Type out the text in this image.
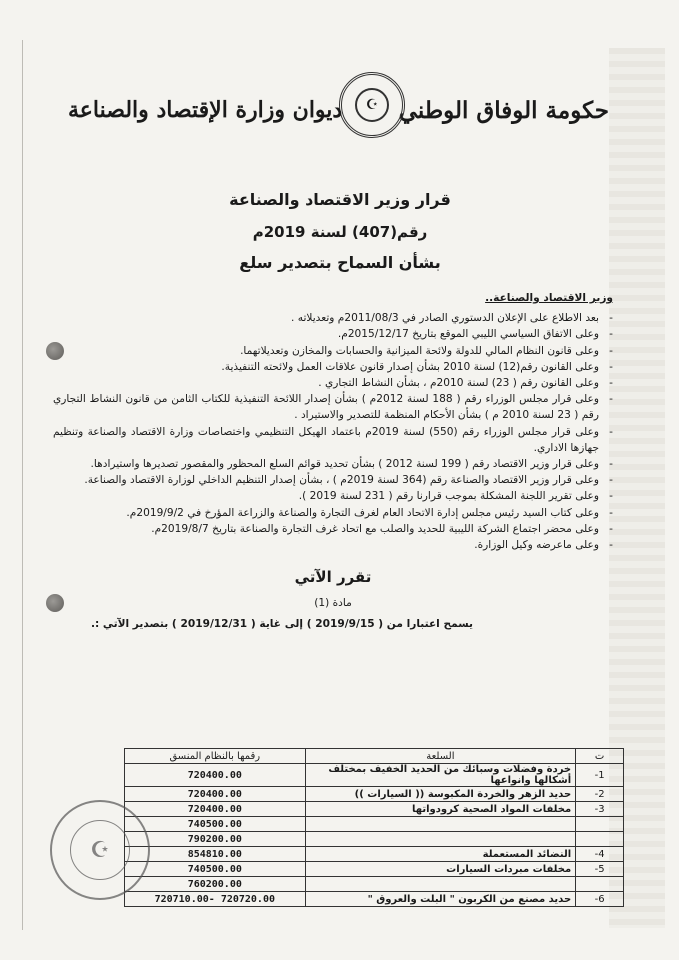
حكومة الوفاق الوطني
☪
ديوان وزارة الإقتصاد والصناعة
قرار وزير الاقتصاد والصناعة
رقم(407) لسنة 2019م
بشأن السماح بتصدير سلع
وزير الاقتصاد والصناعة..
- بعد الاطلاع على الإعلان الدستوري الصادر في 2011/08/3م وتعديلاته .
- وعلى الاتفاق السياسي الليبي الموقع بتاريخ 2015/12/17م.
- وعلى قانون النظام المالي للدولة ولائحة الميزانية والحسابات والمخازن وتعديلاتهما.
- وعلى القانون رقم(12) لسنة 2010 بشأن إصدار قانون علاقات العمل ولائحته التنفيذية.
- وعلى القانون رقم ( 23) لسنة 2010م ، بشأن النشاط التجاري .
- وعلى قرار مجلس الوزراء رقم ( 188 لسنة 2012م ) بشأن إصدار اللائحة التنفيذية للكتاب الثامن من قانون النشاط التجاري رقم ( 23 لسنة 2010 م ) بشأن الأحكام المنظمة للتصدير والاستيراد .
- وعلى قرار مجلس الوزراء رقم (550) لسنة 2019م باعتماد الهيكل التنظيمي واختصاصات وزارة الاقتصاد والصناعة وتنظيم جهازها الاداري.
- وعلى قرار وزير الاقتصاد رقم ( 199 لسنة 2012 ) بشأن تحديد قوائم السلع المحظور والمقصور تصديرها واستيرادها.
- وعلى قرار وزير الاقتصاد والصناعة رقم (364 لسنة 2019م ) ، بشأن إصدار التنظيم الداخلي لوزارة الاقتصاد والصناعة.
- وعلى تقرير اللجنة المشكلة بموجب قرارنا رقم ( 231 لسنة 2019 ).
- وعلى كتاب السيد رئيس مجلس إدارة الاتحاد العام لغرف التجارة والصناعة والزراعة المؤرخ في 2019/9/2م.
- وعلى محضر اجتماع الشركة الليبية للحديد والصلب مع اتحاد غرف التجارة والصناعة بتاريخ 2019/8/7م.
- وعلى ماعرضه وكيل الوزارة.
تقرر الآتي
مادة (1)
يسمح اعتبارا من ( 2019/9/15 ) إلى غاية ( 2019/12/31 ) بتصدير الآتي :.
ت	السلعة	رقمها بالنظام المنسق
1-	خردة وفضلات وسبائك من الحديد الخفيف بمختلف أشكالها وانواعها	720400.00
2-	حديد الزهر والخردة المكبوسة (( السيارات ))	720400.00
3-	مخلفات المواد الصحية كرودواتها	720400.00
		740500.00
		790200.00
4-	النضائد المستعملة	854810.00
5-	مخلفات مبردات السيارات	740500.00
		760200.00
6-	حديد مصنع من الكربون " البلت والعروق "	720720.00 -720710.00
☪
